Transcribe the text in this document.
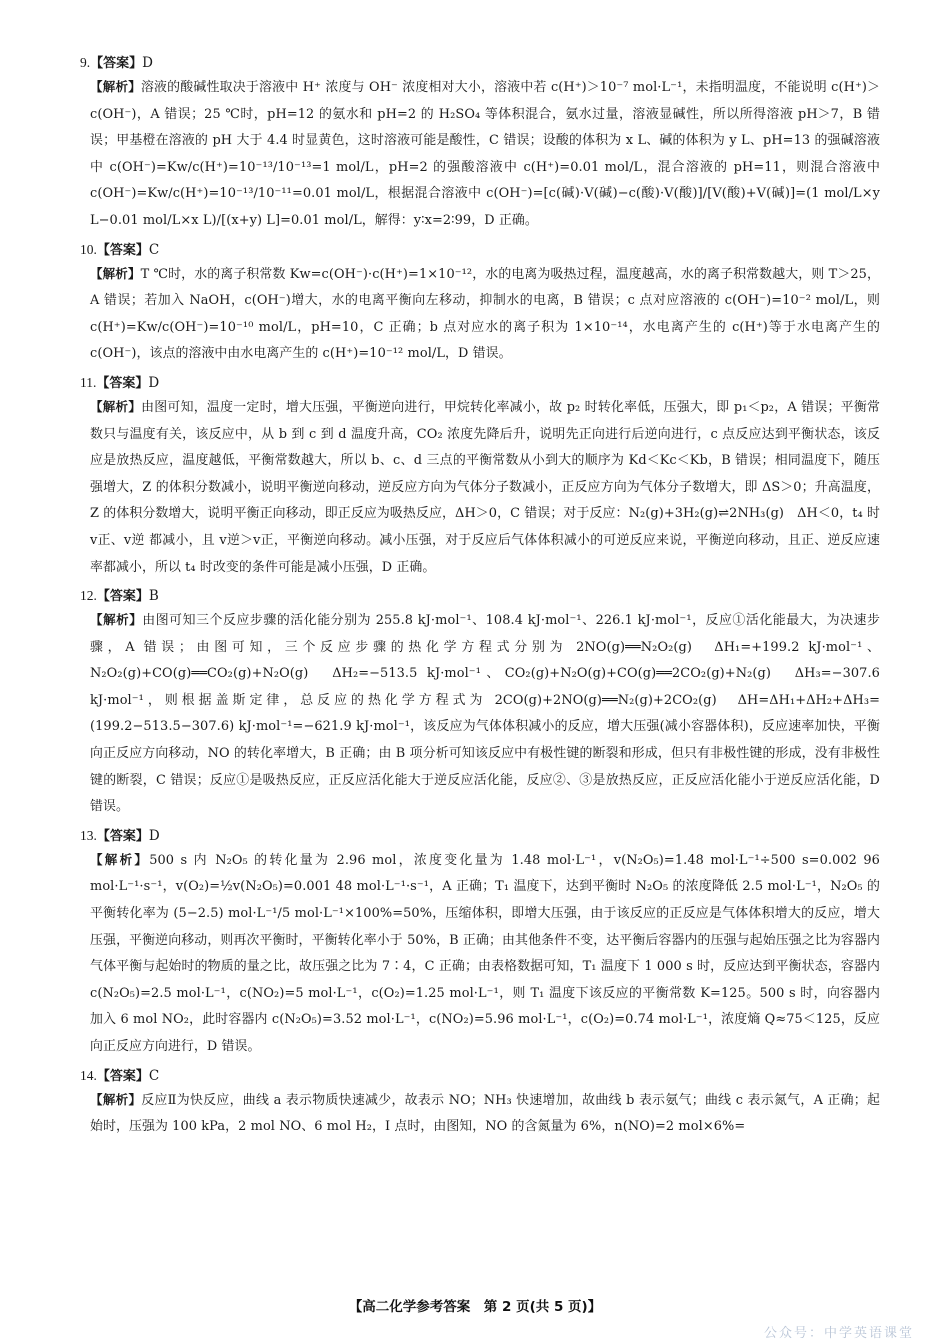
9.【答案】D

【解析】溶液的酸碱性取决于溶液中 H⁺ 浓度与 OH⁻ 浓度相对大小，溶液中若 c(H⁺)＞10⁻⁷ mol·L⁻¹，未指明温度，不能说明 c(H⁺)＞c(OH⁻)，A 错误；25 ℃时，pH=12 的氨水和 pH=2 的 H₂SO₄ 等体积混合，氨水过量，溶液显碱性，所以所得溶液 pH＞7，B 错误；甲基橙在溶液的 pH 大于 4.4 时显黄色，这时溶液可能是酸性，C 错误；设酸的体积为 x L、碱的体积为 y L、pH=13 的强碱溶液中 c(OH⁻)=Kw/c(H⁺)=10⁻¹³/10⁻¹³=1 mol/L，pH=2 的强酸溶液中 c(H⁺)=0.01 mol/L，混合溶液的 pH=11，则混合溶液中 c(OH⁻)=Kw/c(H⁺)=10⁻¹³/10⁻¹¹=0.01 mol/L，根据混合溶液中 c(OH⁻)=[c(碱)·V(碱)−c(酸)·V(酸)]/[V(酸)+V(碱)]=(1 mol/L×y L−0.01 mol/L×x L)/[(x+y) L]=0.01 mol/L，解得：y∶x=2∶99，D 正确。

10.【答案】C

【解析】T ℃时，水的离子积常数 Kw=c(OH⁻)·c(H⁺)=1×10⁻¹²，水的电离为吸热过程，温度越高，水的离子积常数越大，则 T＞25，A 错误；若加入 NaOH，c(OH⁻)增大，水的电离平衡向左移动，抑制水的电离，B 错误；c 点对应溶液的 c(OH⁻)=10⁻² mol/L，则 c(H⁺)=Kw/c(OH⁻)=10⁻¹⁰ mol/L，pH=10，C 正确；b 点对应水的离子积为 1×10⁻¹⁴，水电离产生的 c(H⁺)等于水电离产生的 c(OH⁻)，该点的溶液中由水电离产生的 c(H⁺)=10⁻¹² mol/L，D 错误。

11.【答案】D

【解析】由图可知，温度一定时，增大压强，平衡逆向进行，甲烷转化率减小，故 p₂ 时转化率低，压强大，即 p₁＜p₂，A 错误；平衡常数只与温度有关，该反应中，从 b 到 c 到 d 温度升高，CO₂ 浓度先降后升，说明先正向进行后逆向进行，c 点反应达到平衡状态，该反应是放热反应，温度越低，平衡常数越大，所以 b、c、d 三点的平衡常数从小到大的顺序为 Kd＜Kc＜Kb，B 错误；相同温度下，随压强增大，Z 的体积分数减小，说明平衡逆向移动，逆反应方向为气体分子数减小，正反应方向为气体分子数增大，即 ΔS＞0；升高温度，Z 的体积分数增大，说明平衡正向移动，即正反应为吸热反应，ΔH＞0，C 错误；对于反应：N₂(g)+3H₂(g)⇌2NH₃(g)　ΔH＜0，t₄ 时 v正、v逆 都减小，且 v逆＞v正，平衡逆向移动。减小压强，对于反应后气体体积减小的可逆反应来说，平衡逆向移动，且正、逆反应速率都减小，所以 t₄ 时改变的条件可能是减小压强，D 正确。

12.【答案】B

【解析】由图可知三个反应步骤的活化能分别为 255.8 kJ·mol⁻¹、108.4 kJ·mol⁻¹、226.1 kJ·mol⁻¹，反应①活化能最大，为决速步骤，A 错误；由图可知，三个反应步骤的热化学方程式分别为 2NO(g)══N₂O₂(g)　ΔH₁=+199.2 kJ·mol⁻¹、N₂O₂(g)+CO(g)══CO₂(g)+N₂O(g)　ΔH₂=−513.5 kJ·mol⁻¹、CO₂(g)+N₂O(g)+CO(g)══2CO₂(g)+N₂(g)　ΔH₃=−307.6 kJ·mol⁻¹，则根据盖斯定律，总反应的热化学方程式为 2CO(g)+2NO(g)══N₂(g)+2CO₂(g)　ΔH=ΔH₁+ΔH₂+ΔH₃=(199.2−513.5−307.6) kJ·mol⁻¹=−621.9 kJ·mol⁻¹，该反应为气体体积减小的反应，增大压强(减小容器体积)，反应速率加快，平衡向正反应方向移动，NO 的转化率增大，B 正确；由 B 项分析可知该反应中有极性键的断裂和形成，但只有非极性键的形成，没有非极性键的断裂，C 错误；反应①是吸热反应，正反应活化能大于逆反应活化能，反应②、③是放热反应，正反应活化能小于逆反应活化能，D 错误。

13.【答案】D

【解析】500 s 内 N₂O₅ 的转化量为 2.96 mol，浓度变化量为 1.48 mol·L⁻¹，v(N₂O₅)=1.48 mol·L⁻¹÷500 s=0.002 96 mol·L⁻¹·s⁻¹，v(O₂)=½v(N₂O₅)=0.001 48 mol·L⁻¹·s⁻¹，A 正确；T₁ 温度下，达到平衡时 N₂O₅ 的浓度降低 2.5 mol·L⁻¹，N₂O₅ 的平衡转化率为 (5−2.5) mol·L⁻¹/5 mol·L⁻¹×100%=50%，压缩体积，即增大压强，由于该反应的正反应是气体体积增大的反应，增大压强，平衡逆向移动，则再次平衡时，平衡转化率小于 50%，B 正确；由其他条件不变，达平衡后容器内的压强与起始压强之比为容器内气体平衡与起始时的物质的量之比，故压强之比为 7∶4，C 正确；由表格数据可知，T₁ 温度下 1 000 s 时，反应达到平衡状态，容器内 c(N₂O₅)=2.5 mol·L⁻¹，c(NO₂)=5 mol·L⁻¹，c(O₂)=1.25 mol·L⁻¹，则 T₁ 温度下该反应的平衡常数 K=125。500 s 时，向容器内加入 6 mol NO₂，此时容器内 c(N₂O₅)=3.52 mol·L⁻¹，c(NO₂)=5.96 mol·L⁻¹，c(O₂)=0.74 mol·L⁻¹，浓度熵 Q≈75＜125，反应向正反应方向进行，D 错误。

14.【答案】C

【解析】反应Ⅱ为快反应，曲线 a 表示物质快速减少，故表示 NO；NH₃ 快速增加，故曲线 b 表示氨气；曲线 c 表示氮气，A 正确；起始时，压强为 100 kPa，2 mol NO、6 mol H₂，I 点时，由图知，NO 的含氮量为 6%，n(NO)=2 mol×6%=

【高二化学参考答案　第 2 页(共 5 页)】
公众号：中学英语课堂
